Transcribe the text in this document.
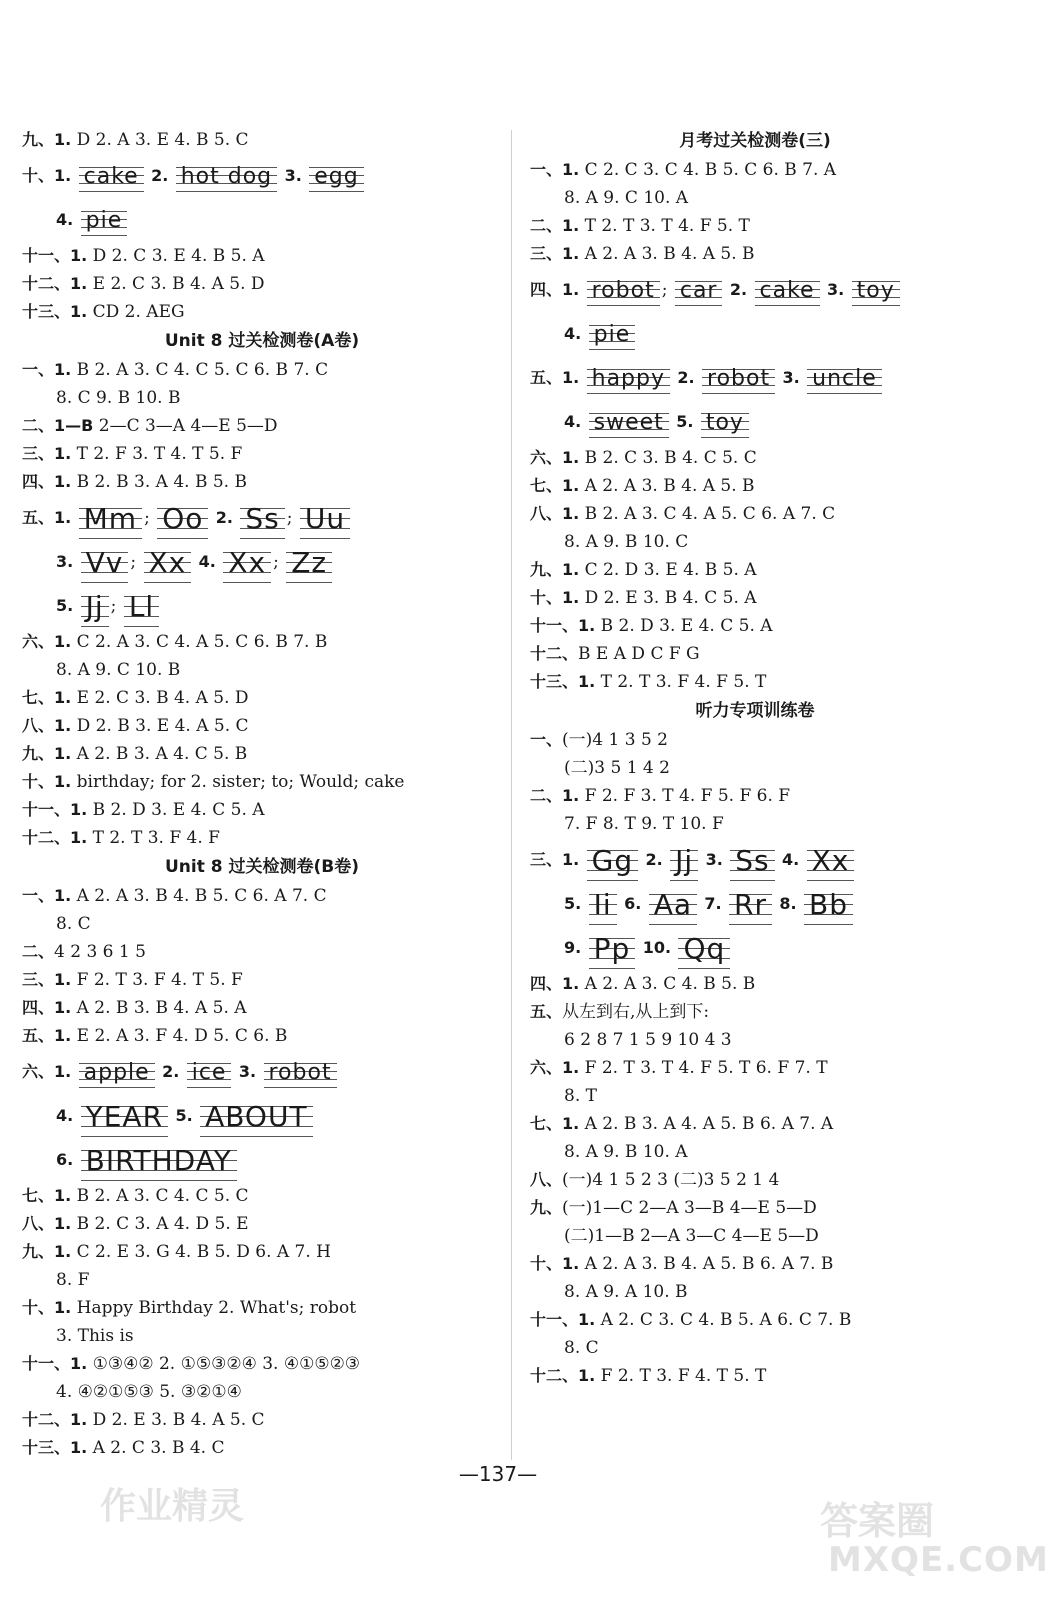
九、1. D 2. A 3. E 4. B 5. C
十、1. cake 2. hot dog 3. egg
4. pie
十一、1. D 2. C 3. E 4. B 5. A
十二、1. E 2. C 3. B 4. A 5. D
十三、1. CD 2. AEG
Unit 8 过关检测卷(A卷)
一、1. B 2. A 3. C 4. C 5. C 6. B 7. C
8. C 9. B 10. B
二、1—B 2—C 3—A 4—E 5—D
三、1. T 2. F 3. T 4. T 5. F
四、1. B 2. B 3. A 4. B 5. B
五、1. Mm ; Oo 2. Ss ; Uu
3. Vv ; Xx 4. Xx ; Zz
5. Jj ; Ll
六、1. C 2. A 3. C 4. A 5. C 6. B 7. B
8. A 9. C 10. B
七、1. E 2. C 3. B 4. A 5. D
八、1. D 2. B 3. E 4. A 5. C
九、1. A 2. B 3. A 4. C 5. B
十、1. birthday; for 2. sister; to; Would; cake
十一、1. B 2. D 3. E 4. C 5. A
十二、1. T 2. T 3. F 4. F
Unit 8 过关检测卷(B卷)
一、1. A 2. A 3. B 4. B 5. C 6. A 7. C
8. C
二、4 2 3 6 1 5
三、1. F 2. T 3. F 4. T 5. F
四、1. A 2. B 3. B 4. A 5. A
五、1. E 2. A 3. F 4. D 5. C 6. B
六、1. apple 2. ice 3. robot
4. YEAR 5. ABOUT
6. BIRTHDAY
七、1. B 2. A 3. C 4. C 5. C
八、1. B 2. C 3. A 4. D 5. E
九、1. C 2. E 3. G 4. B 5. D 6. A 7. H
8. F
十、1. Happy Birthday 2. What's; robot
3. This is
十一、1. ①③④② 2. ①⑤③②④ 3. ④①⑤②③
4. ④②①⑤③ 5. ③②①④
十二、1. D 2. E 3. B 4. A 5. C
十三、1. A 2. C 3. B 4. C
月考过关检测卷(三)
一、1. C 2. C 3. C 4. B 5. C 6. B 7. A
8. A 9. C 10. A
二、1. T 2. T 3. T 4. F 5. T
三、1. A 2. A 3. B 4. A 5. B
四、1. robot ; car 2. cake 3. toy
4. pie
五、1. happy 2. robot 3. uncle
4. sweet 5. toy
六、1. B 2. C 3. B 4. C 5. C
七、1. A 2. A 3. B 4. A 5. B
八、1. B 2. A 3. C 4. A 5. C 6. A 7. C
8. A 9. B 10. C
九、1. C 2. D 3. E 4. B 5. A
十、1. D 2. E 3. B 4. C 5. A
十一、1. B 2. D 3. E 4. C 5. A
十二、B E A D C F G
十三、1. T 2. T 3. F 4. F 5. T
听力专项训练卷
一、(一)4 1 3 5 2
(二)3 5 1 4 2
二、1. F 2. F 3. T 4. F 5. F 6. F
7. F 8. T 9. T 10. F
三、1. Gg 2. Jj 3. Ss 4. Xx
5. Ii 6. Aa 7. Rr 8. Bb
9. Pp 10. Qq
四、1. A 2. A 3. C 4. B 5. B
五、从左到右,从上到下:
6 2 8 7 1 5 9 10 4 3
六、1. F 2. T 3. T 4. F 5. T 6. F 7. T
8. T
七、1. A 2. B 3. A 4. A 5. B 6. A 7. A
8. A 9. B 10. A
八、(一)4 1 5 2 3 (二)3 5 2 1 4
九、(一)1—C 2—A 3—B 4—E 5—D
(二)1—B 2—A 3—C 4—E 5—D
十、1. A 2. A 3. B 4. A 5. B 6. A 7. B
8. A 9. A 10. B
十一、1. A 2. C 3. C 4. B 5. A 6. C 7. B
8. C
十二、1. F 2. T 3. F 4. T 5. T
—137—
作业精灵	答案圈
MXQE.COM
